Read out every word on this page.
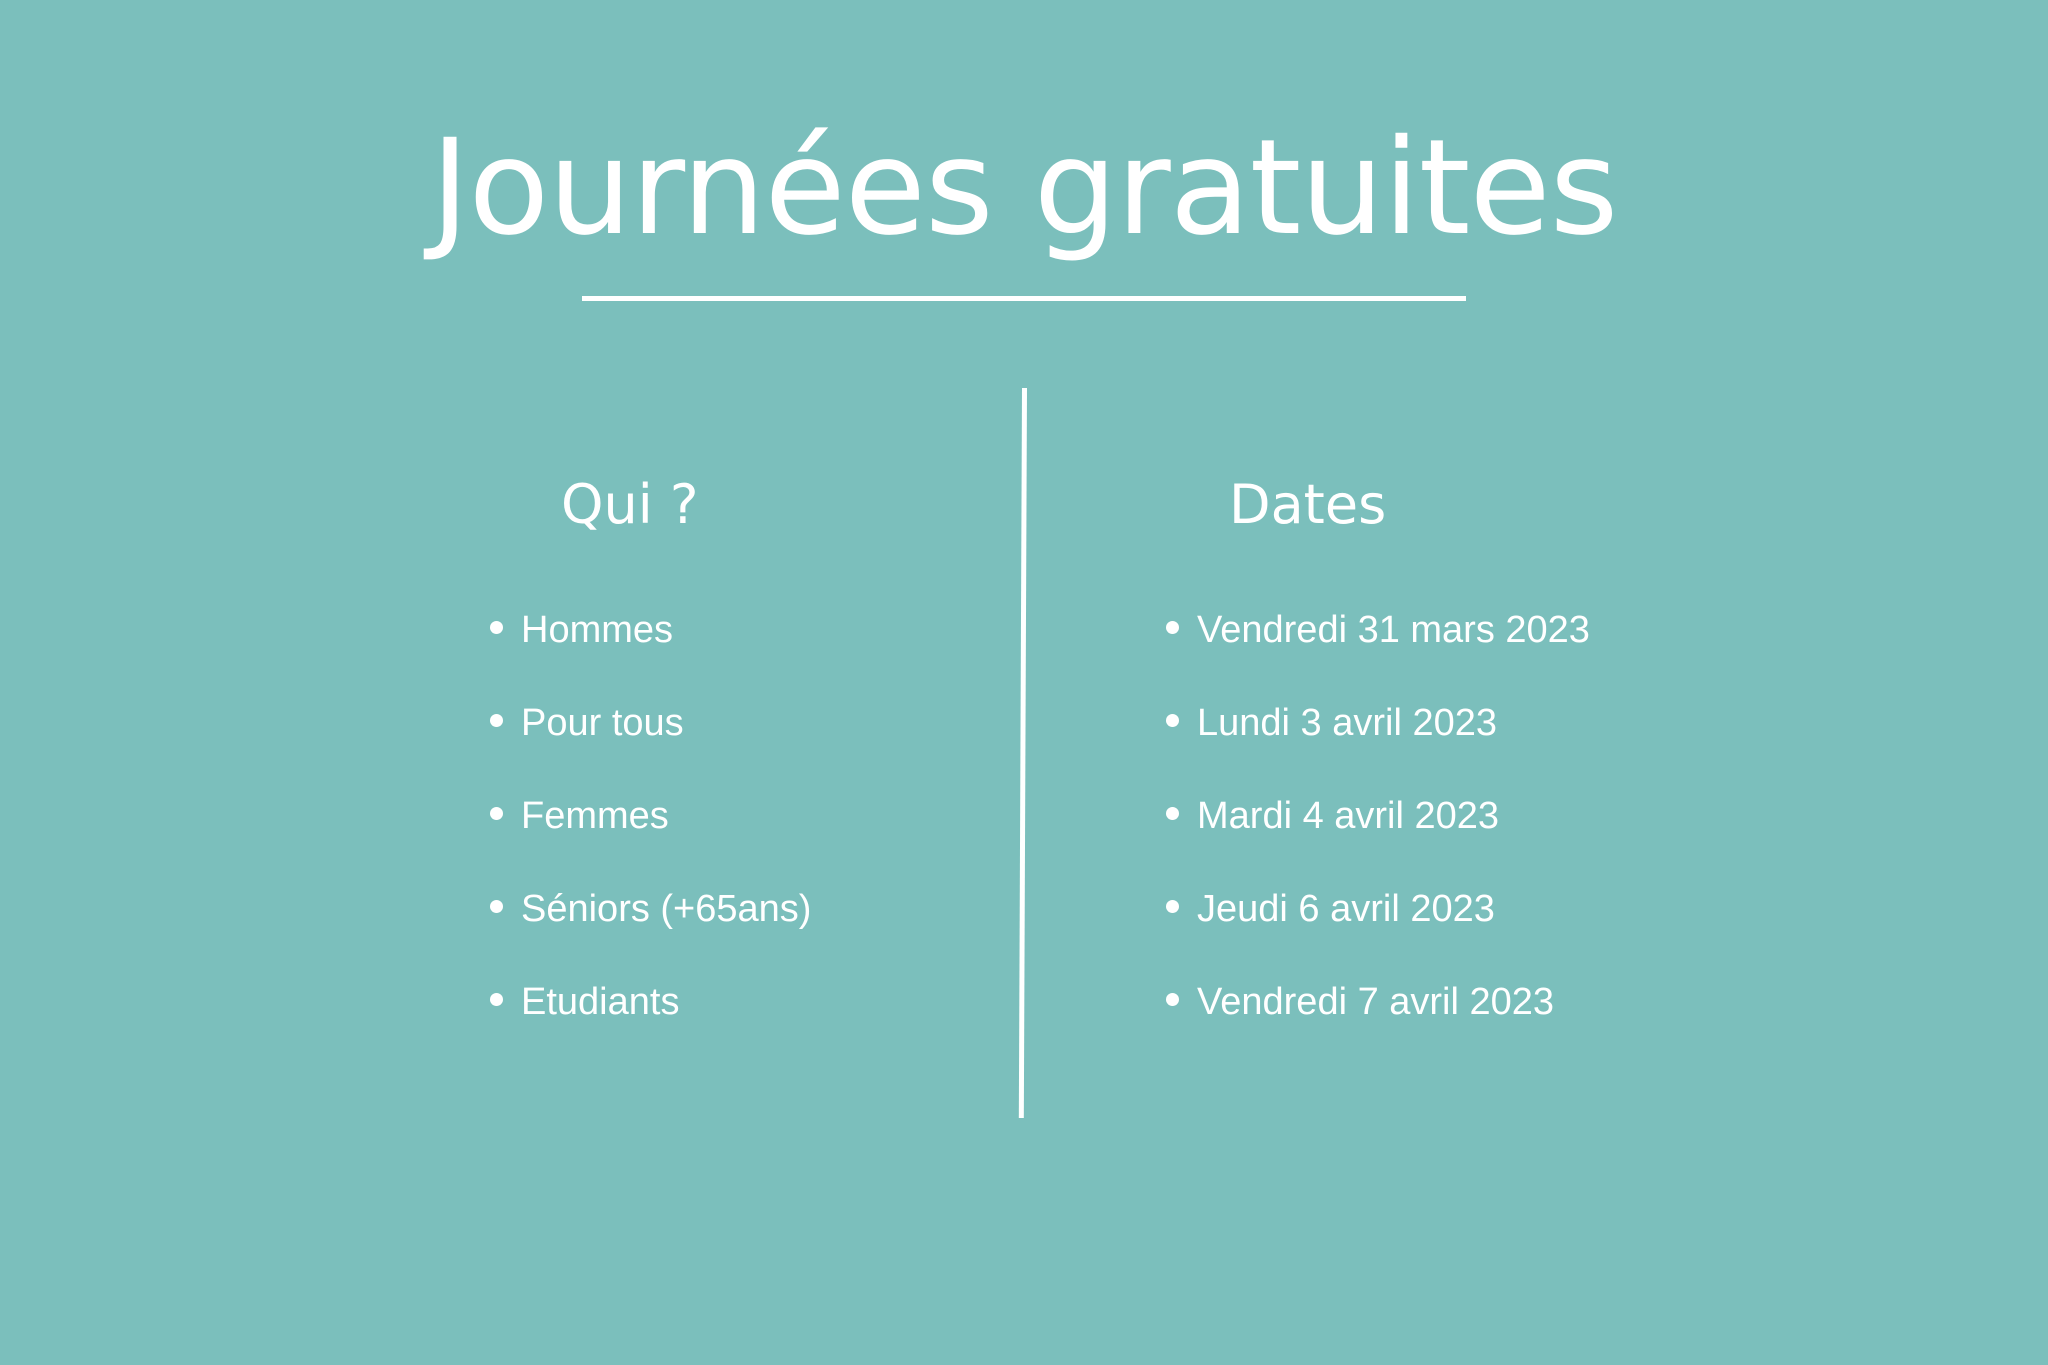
Journées gratuites
Qui ?
Hommes
Pour tous
Femmes
Séniors (+65ans)
Etudiants
Dates
Vendredi 31 mars 2023
Lundi 3 avril 2023
Mardi 4 avril 2023
Jeudi 6 avril 2023
Vendredi 7 avril 2023
